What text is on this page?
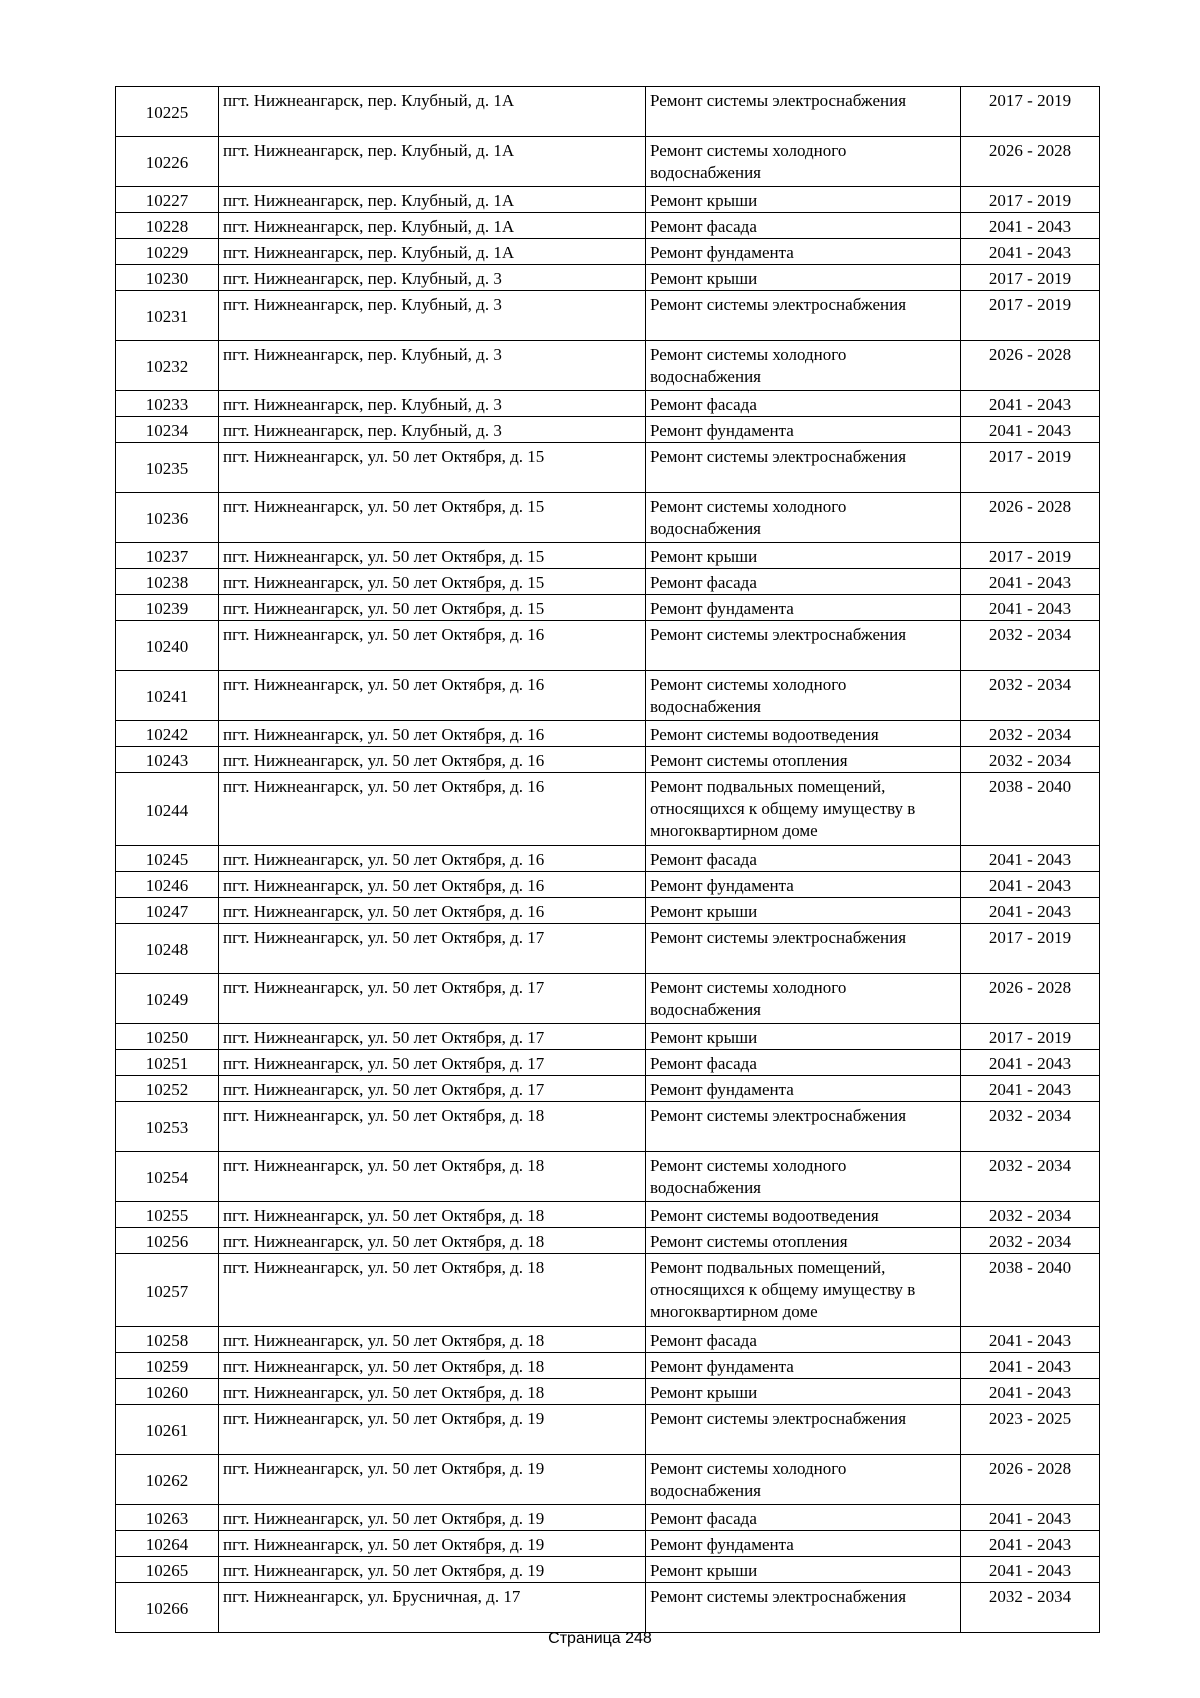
10225	пгт. Нижнеангарск, пер. Клубный, д. 1А	Ремонт системы электроснабжения	2017 - 2019
10226	пгт. Нижнеангарск, пер. Клубный, д. 1А	Ремонт системы холодного водоснабжения	2026 - 2028
10227	пгт. Нижнеангарск, пер. Клубный, д. 1А	Ремонт крыши	2017 - 2019
10228	пгт. Нижнеангарск, пер. Клубный, д. 1А	Ремонт фасада	2041 - 2043
10229	пгт. Нижнеангарск, пер. Клубный, д. 1А	Ремонт фундамента	2041 - 2043
10230	пгт. Нижнеангарск, пер. Клубный, д. 3	Ремонт крыши	2017 - 2019
10231	пгт. Нижнеангарск, пер. Клубный, д. 3	Ремонт системы электроснабжения	2017 - 2019
10232	пгт. Нижнеангарск, пер. Клубный, д. 3	Ремонт системы холодного водоснабжения	2026 - 2028
10233	пгт. Нижнеангарск, пер. Клубный, д. 3	Ремонт фасада	2041 - 2043
10234	пгт. Нижнеангарск, пер. Клубный, д. 3	Ремонт фундамента	2041 - 2043
10235	пгт. Нижнеангарск, ул. 50 лет Октября, д. 15	Ремонт системы электроснабжения	2017 - 2019
10236	пгт. Нижнеангарск, ул. 50 лет Октября, д. 15	Ремонт системы холодного водоснабжения	2026 - 2028
10237	пгт. Нижнеангарск, ул. 50 лет Октября, д. 15	Ремонт крыши	2017 - 2019
10238	пгт. Нижнеангарск, ул. 50 лет Октября, д. 15	Ремонт фасада	2041 - 2043
10239	пгт. Нижнеангарск, ул. 50 лет Октября, д. 15	Ремонт фундамента	2041 - 2043
10240	пгт. Нижнеангарск, ул. 50 лет Октября, д. 16	Ремонт системы электроснабжения	2032 - 2034
10241	пгт. Нижнеангарск, ул. 50 лет Октября, д. 16	Ремонт системы холодного водоснабжения	2032 - 2034
10242	пгт. Нижнеангарск, ул. 50 лет Октября, д. 16	Ремонт системы водоотведения	2032 - 2034
10243	пгт. Нижнеангарск, ул. 50 лет Октября, д. 16	Ремонт системы отопления	2032 - 2034
10244	пгт. Нижнеангарск, ул. 50 лет Октября, д. 16	Ремонт подвальных помещений, относящихся к общему имуществу в многоквартирном доме	2038 - 2040
10245	пгт. Нижнеангарск, ул. 50 лет Октября, д. 16	Ремонт фасада	2041 - 2043
10246	пгт. Нижнеангарск, ул. 50 лет Октября, д. 16	Ремонт фундамента	2041 - 2043
10247	пгт. Нижнеангарск, ул. 50 лет Октября, д. 16	Ремонт крыши	2041 - 2043
10248	пгт. Нижнеангарск, ул. 50 лет Октября, д. 17	Ремонт системы электроснабжения	2017 - 2019
10249	пгт. Нижнеангарск, ул. 50 лет Октября, д. 17	Ремонт системы холодного водоснабжения	2026 - 2028
10250	пгт. Нижнеангарск, ул. 50 лет Октября, д. 17	Ремонт крыши	2017 - 2019
10251	пгт. Нижнеангарск, ул. 50 лет Октября, д. 17	Ремонт фасада	2041 - 2043
10252	пгт. Нижнеангарск, ул. 50 лет Октября, д. 17	Ремонт фундамента	2041 - 2043
10253	пгт. Нижнеангарск, ул. 50 лет Октября, д. 18	Ремонт системы электроснабжения	2032 - 2034
10254	пгт. Нижнеангарск, ул. 50 лет Октября, д. 18	Ремонт системы холодного водоснабжения	2032 - 2034
10255	пгт. Нижнеангарск, ул. 50 лет Октября, д. 18	Ремонт системы водоотведения	2032 - 2034
10256	пгт. Нижнеангарск, ул. 50 лет Октября, д. 18	Ремонт системы отопления	2032 - 2034
10257	пгт. Нижнеангарск, ул. 50 лет Октября, д. 18	Ремонт подвальных помещений, относящихся к общему имуществу в многоквартирном доме	2038 - 2040
10258	пгт. Нижнеангарск, ул. 50 лет Октября, д. 18	Ремонт фасада	2041 - 2043
10259	пгт. Нижнеангарск, ул. 50 лет Октября, д. 18	Ремонт фундамента	2041 - 2043
10260	пгт. Нижнеангарск, ул. 50 лет Октября, д. 18	Ремонт крыши	2041 - 2043
10261	пгт. Нижнеангарск, ул. 50 лет Октября, д. 19	Ремонт системы электроснабжения	2023 - 2025
10262	пгт. Нижнеангарск, ул. 50 лет Октября, д. 19	Ремонт системы холодного водоснабжения	2026 - 2028
10263	пгт. Нижнеангарск, ул. 50 лет Октября, д. 19	Ремонт фасада	2041 - 2043
10264	пгт. Нижнеангарск, ул. 50 лет Октября, д. 19	Ремонт фундамента	2041 - 2043
10265	пгт. Нижнеангарск, ул. 50 лет Октября, д. 19	Ремонт крыши	2041 - 2043
10266	пгт. Нижнеангарск, ул. Брусничная, д. 17	Ремонт системы электроснабжения	2032 - 2034
Страница 248
